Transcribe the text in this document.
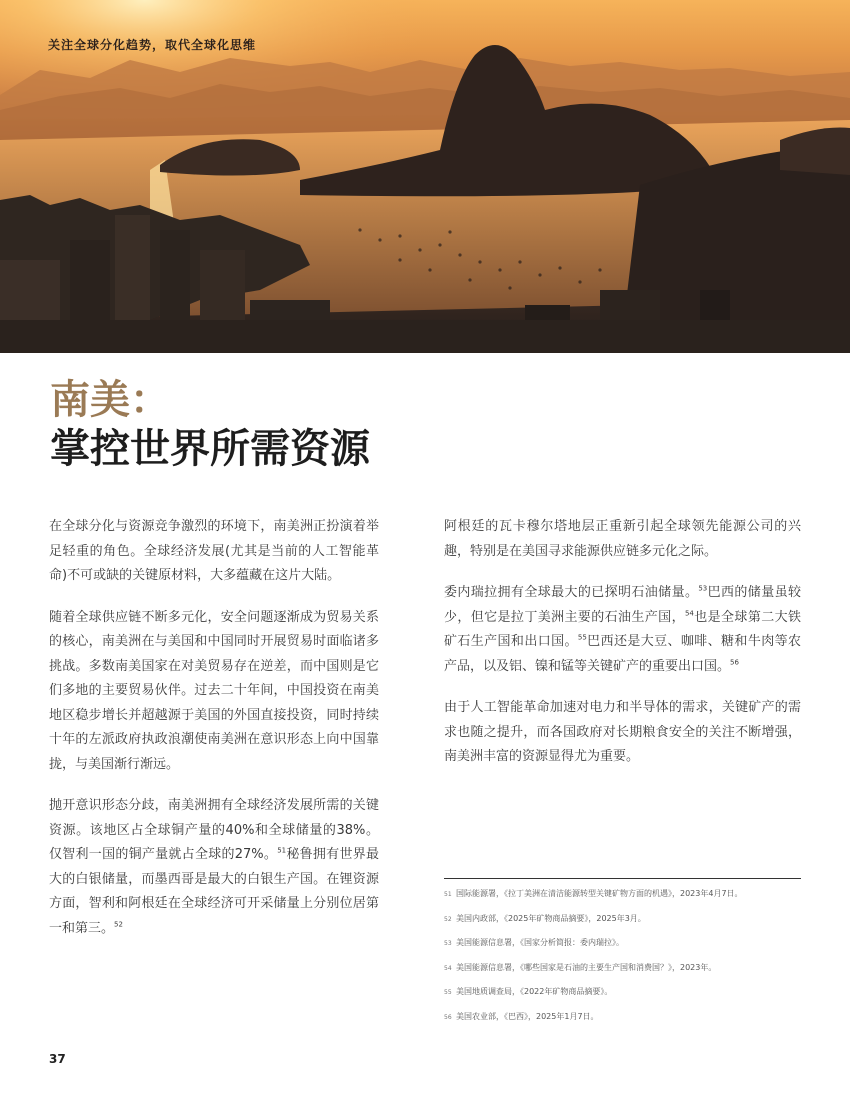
关注全球分化趋势，取代全球化思维
南美：
掌控世界所需资源

在全球分化与资源竞争激烈的环境下，南美洲正扮演着举足轻重的角色。全球经济发展(尤其是当前的人工智能革命)不可或缺的关键原材料，大多蕴藏在这片大陆。

随着全球供应链不断多元化，安全问题逐渐成为贸易关系的核心，南美洲在与美国和中国同时开展贸易时面临诸多挑战。多数南美国家在对美贸易存在逆差，而中国则是它们多地的主要贸易伙伴。过去二十年间，中国投资在南美地区稳步增长并超越源于美国的外国直接投资，同时持续十年的左派政府执政浪潮使南美洲在意识形态上向中国靠拢，与美国渐行渐远。

抛开意识形态分歧，南美洲拥有全球经济发展所需的关键资源。该地区占全球铜产量的40%和全球储量的38%。仅智利一国的铜产量就占全球的27%。$^{51}$秘鲁拥有世界最大的白银储量，而墨西哥是最大的白银生产国。在锂资源方面，智利和阿根廷在全球经济可开采储量上分别位居第一和第三。$^{52}$

阿根廷的瓦卡穆尔塔地层正重新引起全球领先能源公司的兴趣，特别是在美国寻求能源供应链多元化之际。

委内瑞拉拥有全球最大的已探明石油储量。$^{53}$巴西的储量虽较少，但它是拉丁美洲主要的石油生产国，$^{54}$也是全球第二大铁矿石生产国和出口国。$^{55}$巴西还是大豆、咖啡、糖和牛肉等农产品，以及铝、镍和锰等关键矿产的重要出口国。$^{56}$

由于人工智能革命加速对电力和半导体的需求，关键矿产的需求也随之提升，而各国政府对长期粮食安全的关注不断增强，南美洲丰富的资源显得尤为重要。

51 国际能源署，《拉丁美洲在清洁能源转型关键矿物方面的机遇》，2023年4月7日。
52 美国内政部，《2025年矿物商品摘要》，2025年3月。
53 美国能源信息署，《国家分析简报：委内瑞拉》。
54 美国能源信息署，《哪些国家是石油的主要生产国和消费国？》，2023年。
55 美国地质调查局，《2022年矿物商品摘要》。
56 美国农业部，《巴西》，2025年1月7日。
37
